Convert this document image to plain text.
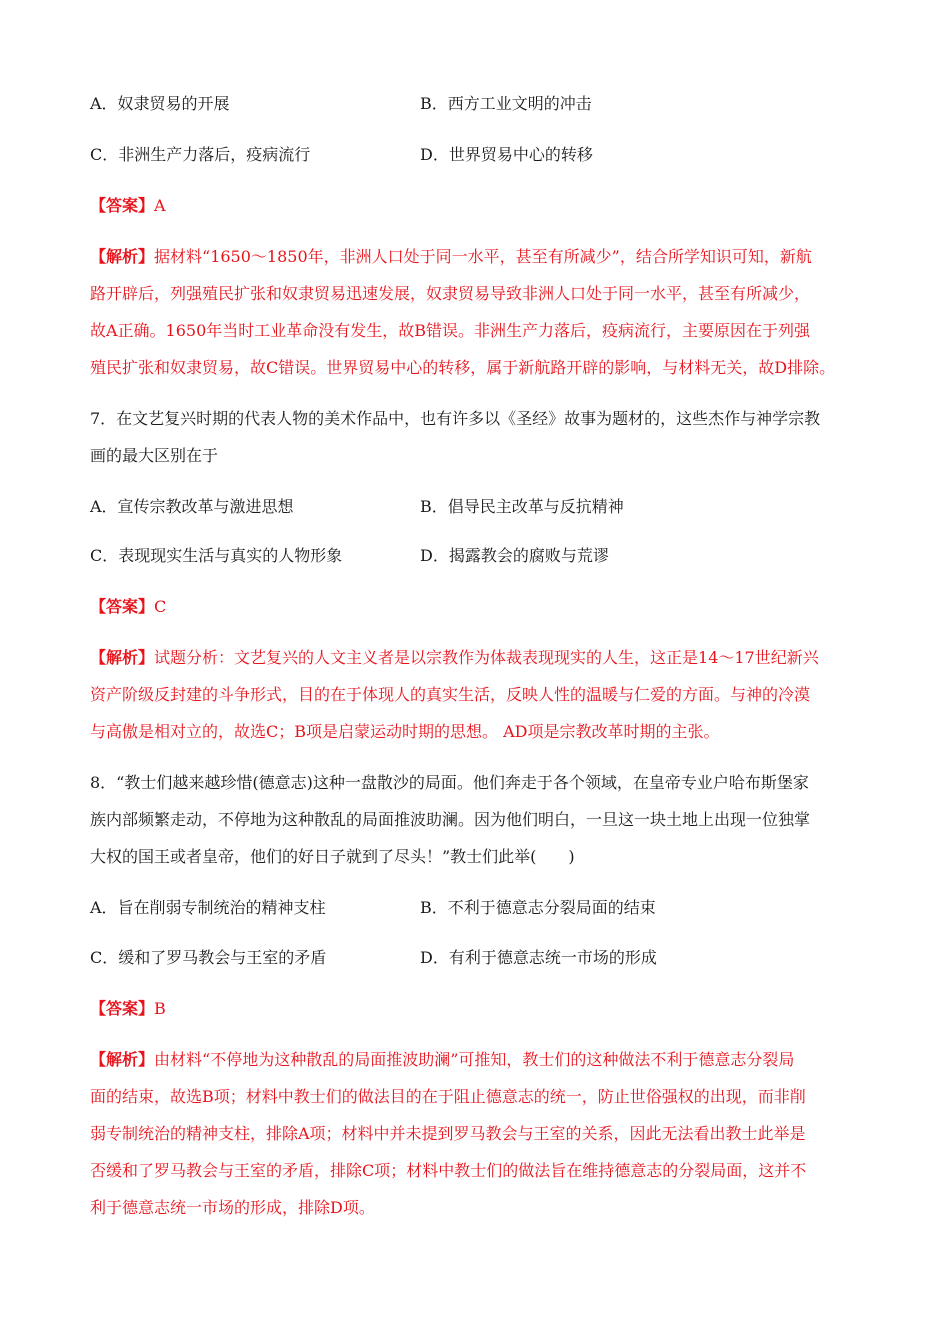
A．奴隶贸易的开展	B．西方工业文明的冲击
C．非洲生产力落后，疫病流行	D．世界贸易中心的转移
【答案】A
【解析】据材料“1650～1850年，非洲人口处于同一水平，甚至有所减少”，结合所学知识可知，新航
路开辟后，列强殖民扩张和奴隶贸易迅速发展，奴隶贸易导致非洲人口处于同一水平，甚至有所减少，
故A正确。1650年当时工业革命没有发生，故B错误。非洲生产力落后，疫病流行，主要原因在于列强
殖民扩张和奴隶贸易，故C错误。世界贸易中心的转移，属于新航路开辟的影响，与材料无关，故D排除。
7．在文艺复兴时期的代表人物的美术作品中，也有许多以《圣经》故事为题材的，这些杰作与神学宗教
画的最大区别在于
A．宣传宗教改革与激进思想	B．倡导民主改革与反抗精神
C．表现现实生活与真实的人物形象	D．揭露教会的腐败与荒谬
【答案】C
【解析】试题分析：文艺复兴的人文主义者是以宗教作为体裁表现现实的人生，这正是14～17世纪新兴
资产阶级反封建的斗争形式，目的在于体现人的真实生活，反映人性的温暖与仁爱的方面。与神的冷漠
与高傲是相对立的，故选C；B项是启蒙运动时期的思想。 AD项是宗教改革时期的主张。
8．“教士们越来越珍惜(德意志)这种一盘散沙的局面。他们奔走于各个领域，在皇帝专业户哈布斯堡家
族内部频繁走动，不停地为这种散乱的局面推波助澜。因为他们明白，一旦这一块土地上出现一位独掌
大权的国王或者皇帝，他们的好日子就到了尽头！”教士们此举(　　)
A．旨在削弱专制统治的精神支柱	B．不利于德意志分裂局面的结束
C．缓和了罗马教会与王室的矛盾	D．有利于德意志统一市场的形成
【答案】B
【解析】由材料“不停地为这种散乱的局面推波助澜”可推知，教士们的这种做法不利于德意志分裂局
面的结束，故选B项；材料中教士们的做法目的在于阻止德意志的统一，防止世俗强权的出现，而非削
弱专制统治的精神支柱，排除A项；材料中并未提到罗马教会与王室的关系，因此无法看出教士此举是
否缓和了罗马教会与王室的矛盾，排除C项；材料中教士们的做法旨在维持德意志的分裂局面，这并不
利于德意志统一市场的形成，排除D项。
